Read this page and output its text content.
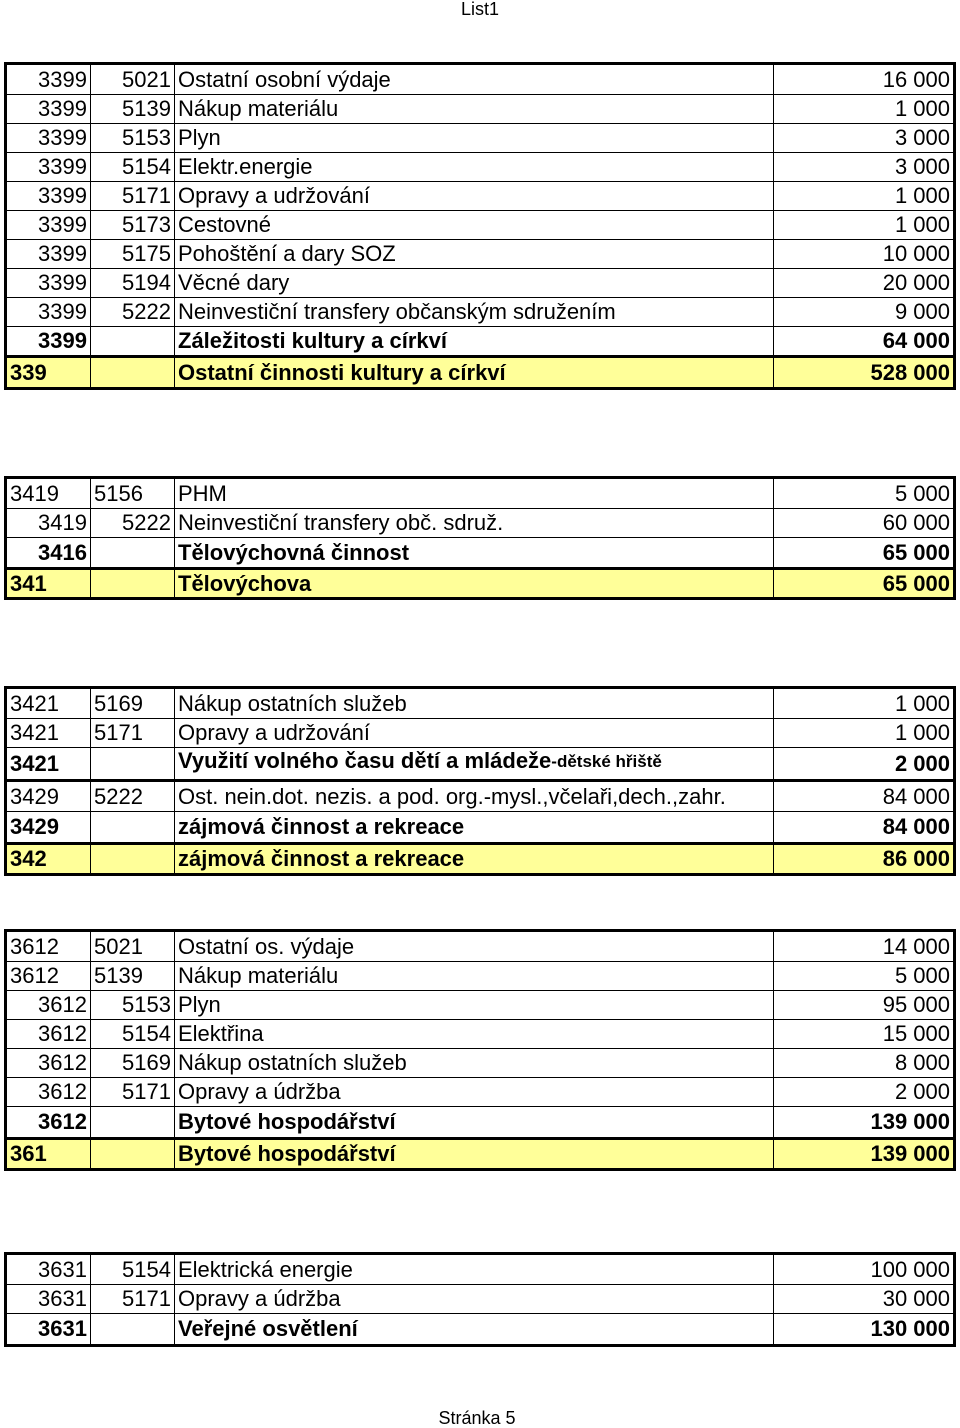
List1
3399	5021 Ostatní osobní výdaje	16 000
3399	5139 Nákup materiálu	1 000
3399	5153 Plyn	3 000
3399	5154 Elektr.energie	3 000
3399	5171 Opravy a udržování	1 000
3399	5173 Cestovné	1 000
3399	5175 Pohoštění a dary SOZ	10 000
3399	5194 Věcné dary	20 000
3399	5222 Neinvestiční transfery občanským sdružením	9 000
3399	Záležitosti kultury a církví	64 000
339	Ostatní činnosti kultury a církví	528 000
3419	5156	PHM	5 000
3419	5222 Neinvestiční transfery obč. sdruž.	60 000
3416	Tělovýchovná činnost	65 000
341	Tělovýchova	65 000
3421	5169	Nákup ostatních služeb	1 000
3421	5171	Opravy a udržování	1 000
3421	Využití volného času dětí a mládeže -dětské hřiště	2 000
3429	5222	Ost. nein.dot. nezis. a pod. org.-mysl.,včelaři,dech.,zahr.	84 000
3429	zájmová činnost a rekreace	84 000
342	zájmová činnost a rekreace	86 000
3612	5021	Ostatní os. výdaje	14 000
3612	5139	Nákup materiálu	5 000
3612	5153 Plyn	95 000
3612	5154 Elektřina	15 000
3612	5169 Nákup ostatních služeb	8 000
3612	5171 Opravy a údržba	2 000
3612	Bytové hospodářství	139 000
361	Bytové hospodářství	139 000
3631	5154 Elektrická energie	100 000
3631	5171 Opravy a údržba	30 000
3631	Veřejné osvětlení	130 000
Stránka 5
